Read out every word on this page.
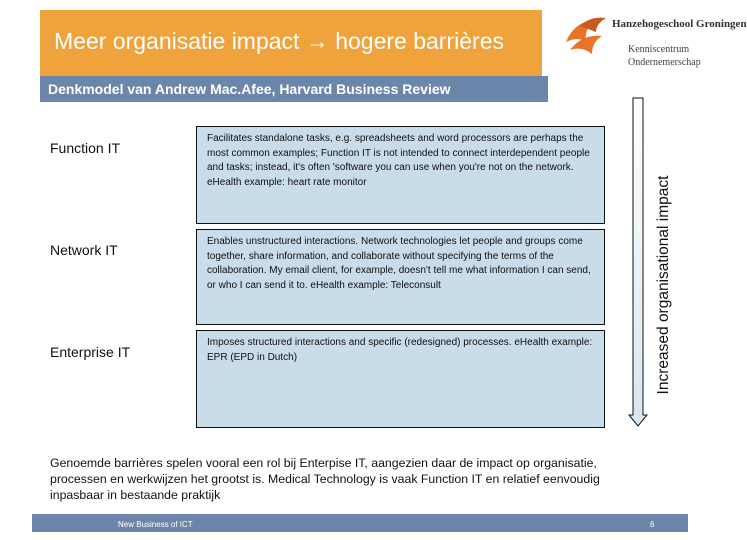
Meer organisatie impact → hogere barrières
Hanzehogeschool Groningen
Kenniscentrum
Ondernemerschap
Denkmodel van Andrew Mac.Afee, Harvard Business Review
Function IT
Facilitates standalone tasks, e.g. spreadsheets and word processors are perhaps the most common examples; Function IT is not intended to connect interdependent people and tasks; instead, it's often 'software you can use when you're not on the network. eHealth example: heart rate monitor
Network IT
Enables unstructured interactions. Network technologies let people and groups come together, share information, and collaborate without specifying the terms of the collaboration. My email client, for example, doesn't tell me what information I can send, or who I can send it to. eHealth example: Teleconsult
Enterprise IT
Imposes structured interactions and specific (redesigned) processes. eHealth example: EPR (EPD in Dutch)	Increased organisational impact
Genoemde barrières spelen vooral een rol bij Enterpise IT, aangezien daar de impact op organisatie, processen en werkwijzen het grootst is. Medical Technology is vaak Function IT en relatief eenvoudig inpasbaar in bestaande praktijk
New Business of ICT	6
